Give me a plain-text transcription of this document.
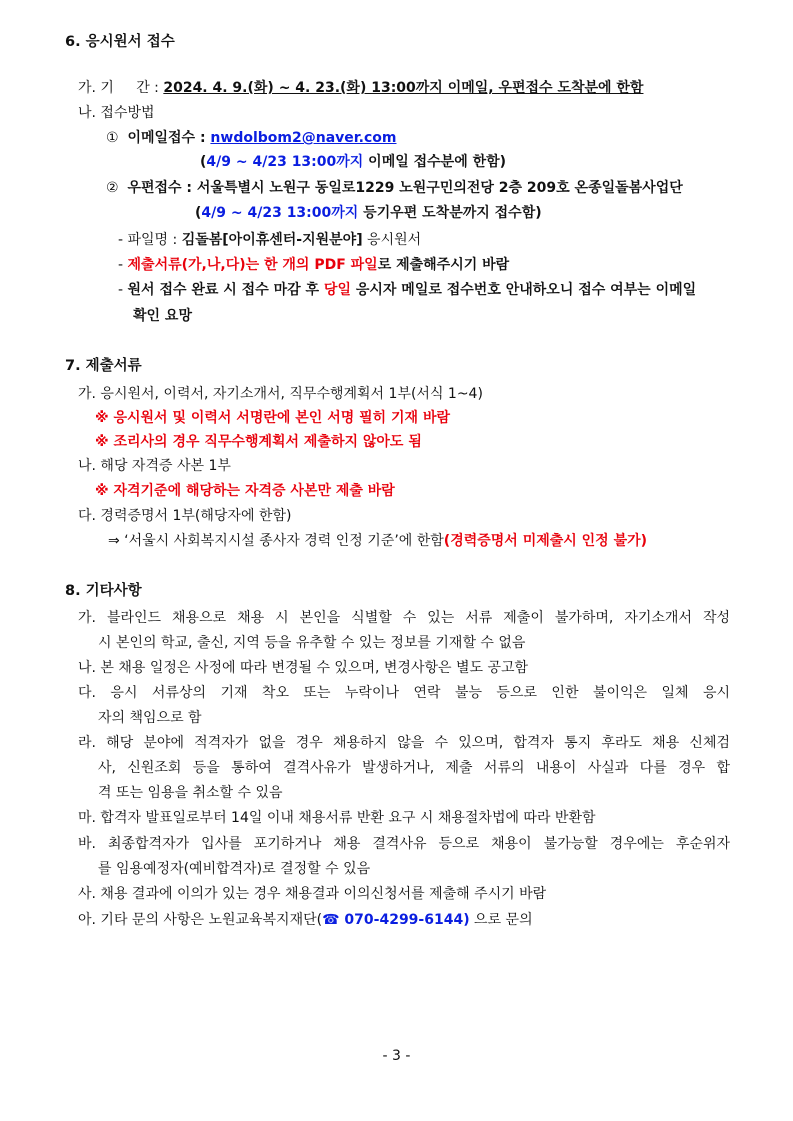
6. 응시원서 접수
가. 기     간 : 2024. 4. 9.(화) ~ 4. 23.(화) 13:00까지 이메일, 우편접수 도착분에 한함
나. 접수방법
①  이메일접수 : nwdolbom2@naver.com
(4/9 ~ 4/23 13:00까지 이메일 접수분에 한함)
②  우편접수 : 서울특별시 노원구 동일로1229 노원구민의전당 2층 209호 온종일돌봄사업단
(4/9 ~ 4/23 13:00까지 등기우편 도착분까지 접수함)
- 파일명 : 김돌봄[아이휴센터-지원분야] 응시원서
- 제출서류(가,나,다)는 한 개의 PDF 파일로 제출해주시기 바람
- 원서 접수 완료 시 접수 마감 후 당일 응시자 메일로 접수번호 안내하오니 접수 여부는 이메일
확인 요망
7. 제출서류
가. 응시원서, 이력서, 자기소개서, 직무수행계획서 1부(서식 1~4)
※ 응시원서 및 이력서 서명란에 본인 서명 필히 기재 바람
※ 조리사의 경우 직무수행계획서 제출하지 않아도 됨
나. 해당 자격증 사본 1부
※ 자격기준에 해당하는 자격증 사본만 제출 바람
다. 경력증명서 1부(해당자에 한함)
⇒ ‘서울시 사회복지시설 종사자 경력 인정 기준’에 한함(경력증명서 미제출시 인정 불가)
8. 기타사항
가. 블라인드 채용으로 채용 시 본인을 식별할 수 있는 서류 제출이 불가하며, 자기소개서 작성
시 본인의 학교, 출신, 지역 등을 유추할 수 있는 정보를 기재할 수 없음
나. 본 채용 일정은 사정에 따라 변경될 수 있으며, 변경사항은 별도 공고함
다. 응시 서류상의 기재 착오 또는 누락이나 연락 불능 등으로 인한 불이익은 일체 응시
자의 책임으로 함
라. 해당 분야에 적격자가 없을 경우 채용하지 않을 수 있으며, 합격자 통지 후라도 채용 신체검
사, 신원조회 등을 통하여 결격사유가 발생하거나, 제출 서류의 내용이 사실과 다를 경우 합
격 또는 임용을 취소할 수 있음
마. 합격자 발표일로부터 14일 이내 채용서류 반환 요구 시 채용절차법에 따라 반환함
바. 최종합격자가 입사를 포기하거나 채용 결격사유 등으로 채용이 불가능할 경우에는 후순위자
를 임용예정자(예비합격자)로 결정할 수 있음
사. 채용 결과에 이의가 있는 경우 채용결과 이의신청서를 제출해 주시기 바람
아. 기타 문의 사항은 노원교육복지재단(☎ 070-4299-6144) 으로 문의
- 3 -
